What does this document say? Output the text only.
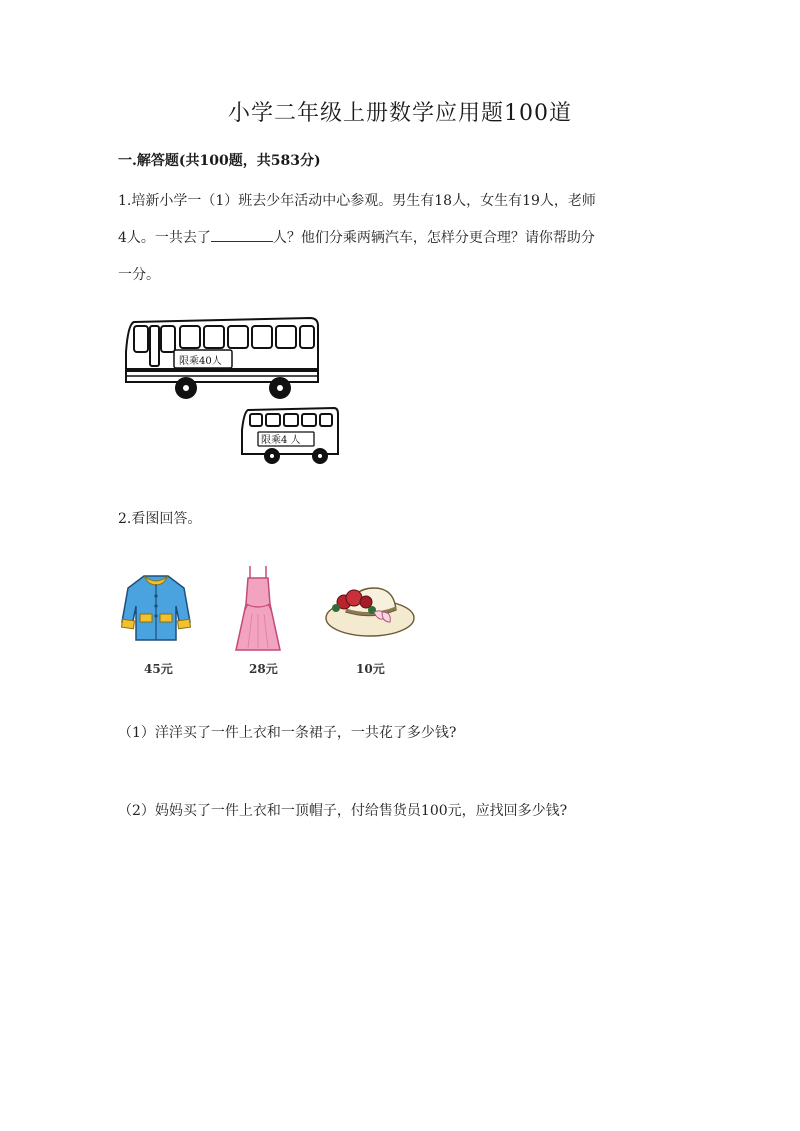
小学二年级上册数学应用题100道
一.解答题(共100题，共583分)
1.培新小学一（1）班去少年活动中心参观。男生有18人，女生有19人，老师
4人。一共去了	人？他们分乘两辆汽车，怎样分更合理？请你帮助分
一分。
限乘40人
限乘4 人
2.看图回答。
45元	28元	10元
（1）洋洋买了一件上衣和一条裙子，一共花了多少钱?
（2）妈妈买了一件上衣和一顶帽子，付给售货员100元，应找回多少钱?
